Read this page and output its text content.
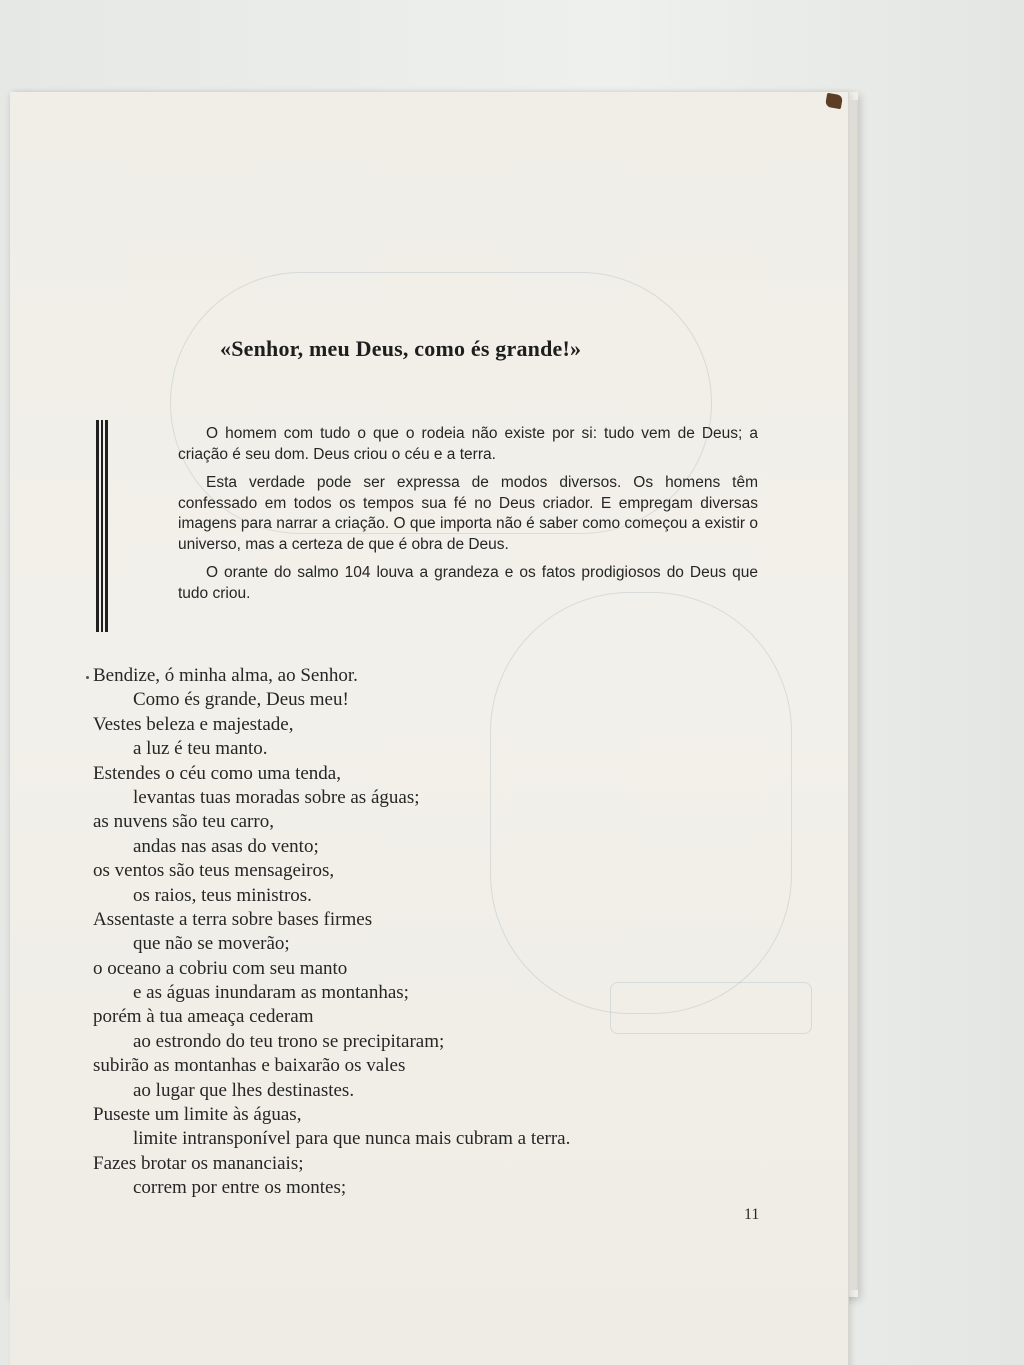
«Senhor, meu Deus, como és grande!»

O homem com tudo o que o rodeia não existe por si: tudo vem de Deus; a criação é seu dom. Deus criou o céu e a terra.

Esta verdade pode ser expressa de modos diversos. Os homens têm confessado em todos os tempos sua fé no Deus criador. E empregam diversas imagens para narrar a criação. O que importa não é saber como começou a existir o universo, mas a certeza de que é obra de Deus.

O orante do salmo 104 louva a grandeza e os fatos prodigiosos do Deus que tudo criou.

Bendize, ó minha alma, ao Senhor.
Como és grande, Deus meu!
Vestes beleza e majestade,
a luz é teu manto.
Estendes o céu como uma tenda,
levantas tuas moradas sobre as águas;
as nuvens são teu carro,
andas nas asas do vento;
os ventos são teus mensageiros,
os raios, teus ministros.
Assentaste a terra sobre bases firmes
que não se moverão;
o oceano a cobriu com seu manto
e as águas inundaram as montanhas;
porém à tua ameaça cederam
ao estrondo do teu trono se precipitaram;
subirão as montanhas e baixarão os vales
ao lugar que lhes destinastes.
Puseste um limite às águas,
limite intransponível para que nunca mais cubram a terra.
Fazes brotar os mananciais;
correm por entre os montes;
11
